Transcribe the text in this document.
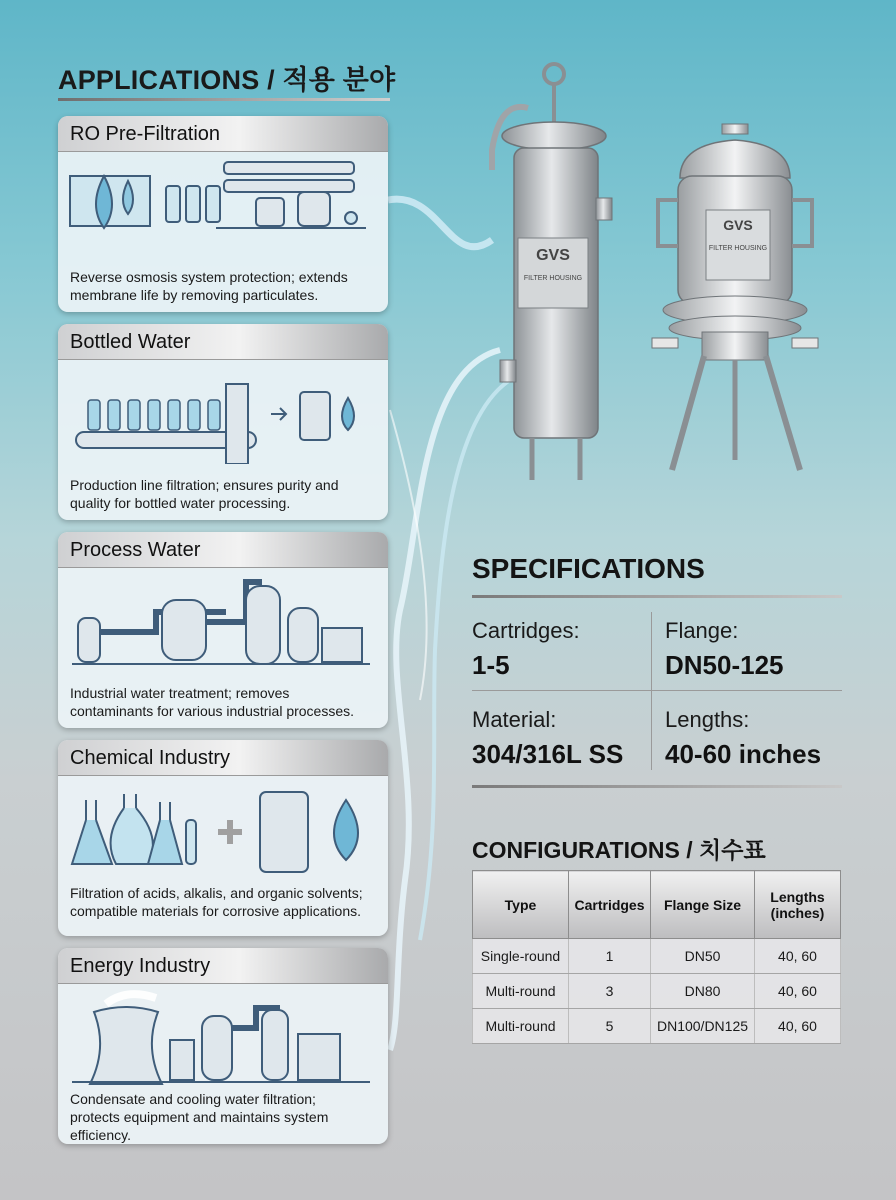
APPLICATIONS / 적용 분야
RO Pre-Filtration
Reverse osmosis system protection; extends
membrane life by removing particulates.
Bottled Water
Production line filtration; ensures purity and
quality for bottled water processing.
Process Water
Industrial water treatment; removes
contaminants for various industrial processes.
Chemical Industry
Filtration of acids, alkalis, and organic solvents;
compatible materials for corrosive applications.
Energy Industry
Condensate and cooling water filtration;
protects equipment and maintains system
efficiency.
GVS
FILTER HOUSING
GVS
FILTER HOUSING
SPECIFICATIONS
Cartridges:
1-5
Flange:
DN50-125
Material:
304/316L SS
Lengths:
40-60 inches
CONFIGURATIONS / 치수표
Type	Cartridges	Flange Size	Lengths
(inches)

Single-round	1	DN50	40, 60
Multi-round	3	DN80	40, 60
Multi-round	5	DN100/DN125	40, 60
